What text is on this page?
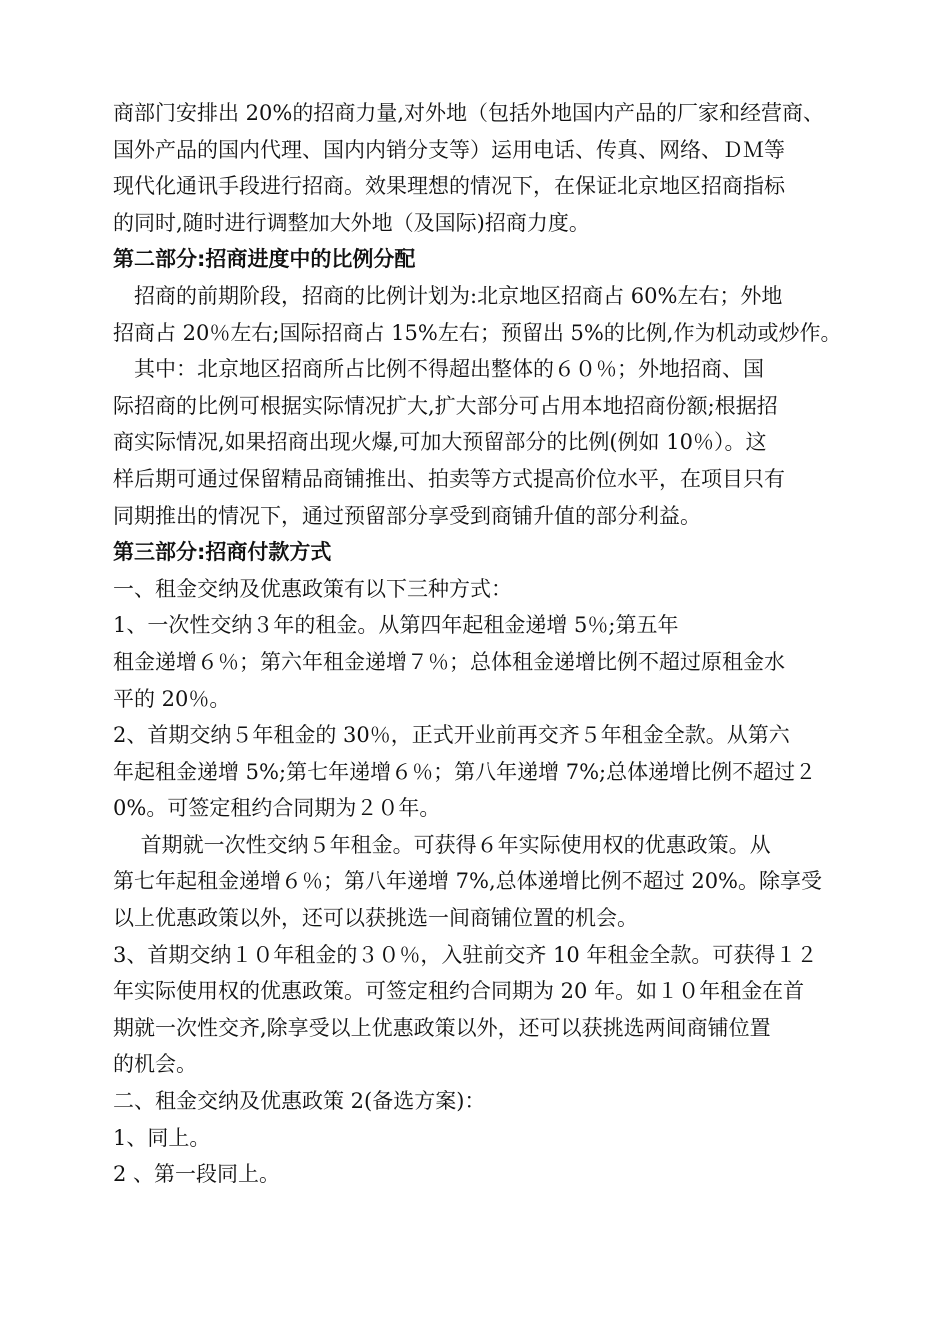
商部门安排出 20%的招商力量,对外地（包括外地国内产品的厂家和经营商、
国外产品的国内代理、国内内销分支等）运用电话、传真、网络、ＤＭ等
现代化通讯手段进行招商。效果理想的情况下，在保证北京地区招商指标
的同时,随时进行调整加大外地（及国际)招商力度。
第二部分:招商进度中的比例分配
　招商的前期阶段，招商的比例计划为:北京地区招商占 60%左右；外地
招商占 20％左右;国际招商占 15%左右；预留出 5%的比例,作为机动或炒作。
　其中：北京地区招商所占比例不得超出整体的６０％；外地招商、国
际招商的比例可根据实际情况扩大,扩大部分可占用本地招商份额;根据招
商实际情况,如果招商出现火爆,可加大预留部分的比例(例如 10％）。这
样后期可通过保留精品商铺推出、拍卖等方式提高价位水平，在项目只有
同期推出的情况下，通过预留部分享受到商铺升值的部分利益。
第三部分:招商付款方式
一、租金交纳及优惠政策有以下三种方式：
1、一次性交纳３年的租金。从第四年起租金递增 5％;第五年
租金递增６％；第六年租金递增７％；总体租金递增比例不超过原租金水
平的 20％。
2、首期交纳５年租金的 30％，正式开业前再交齐５年租金全款。从第六
年起租金递增 5%;第七年递增６％；第八年递增 7%;总体递增比例不超过２
0%。可签定租约合同期为２０年。
　 首期就一次性交纳５年租金。可获得６年实际使用权的优惠政策。从
第七年起租金递增６％；第八年递增 7%,总体递增比例不超过 20%。除享受
以上优惠政策以外，还可以获挑选一间商铺位置的机会。
3、首期交纳１０年租金的３０％，入驻前交齐 10 年租金全款。可获得１２
年实际使用权的优惠政策。可签定租约合同期为 20 年。如１０年租金在首
期就一次性交齐,除享受以上优惠政策以外，还可以获挑选两间商铺位置
的机会。
二、租金交纳及优惠政策 2(备选方案)：
1、同上。
2 、第一段同上。
